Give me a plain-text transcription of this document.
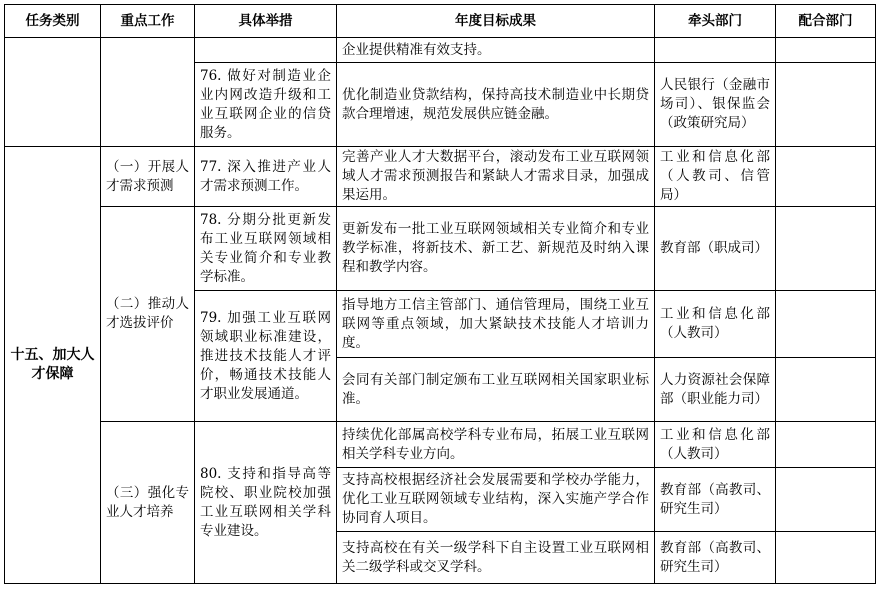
任务类别	重点工作	具体举措	年度目标成果	牵头部门	配合部门
			企业提供精准有效支持。		
		76. 做好对制造业企业内网改造升级和工业互联网企业的信贷服务。	优化制造业贷款结构，保持高技术制造业中长期贷款合理增速，规范发展供应链金融。	人民银行（金融市场司）、银保监会（政策研究局）	
十五、加大人才保障	（一）开展人才需求预测	77. 深入推进产业人才需求预测工作。	完善产业人才大数据平台，滚动发布工业互联网领域人才需求预测报告和紧缺人才需求目录，加强成果运用。	工业和信息化部（人教司、信管局）	
	（二）推动人才选拔评价	78. 分期分批更新发布工业互联网领域相关专业简介和专业教学标准。	更新发布一批工业互联网领域相关专业简介和专业教学标准，将新技术、新工艺、新规范及时纳入课程和教学内容。	教育部（职成司）	
		79. 加强工业互联网领域职业标准建设，推进技术技能人才评价，畅通技术技能人才职业发展通道。	指导地方工信主管部门、通信管理局，围绕工业互联网等重点领域，加大紧缺技术技能人才培训力度。	工业和信息化部（人教司）	
			会同有关部门制定颁布工业互联网相关国家职业标准。	人力资源社会保障部（职业能力司）	
	（三）强化专业人才培养	80. 支持和指导高等院校、职业院校加强工业互联网相关学科专业建设。	持续优化部属高校学科专业布局，拓展工业互联网相关学科专业方向。	工业和信息化部（人教司）	
			支持高校根据经济社会发展需要和学校办学能力，优化工业互联网领域专业结构，深入实施产学合作协同育人项目。	教育部（高教司、研究生司）	
			支持高校在有关一级学科下自主设置工业互联网相关二级学科或交叉学科。	教育部（高教司、研究生司）	
